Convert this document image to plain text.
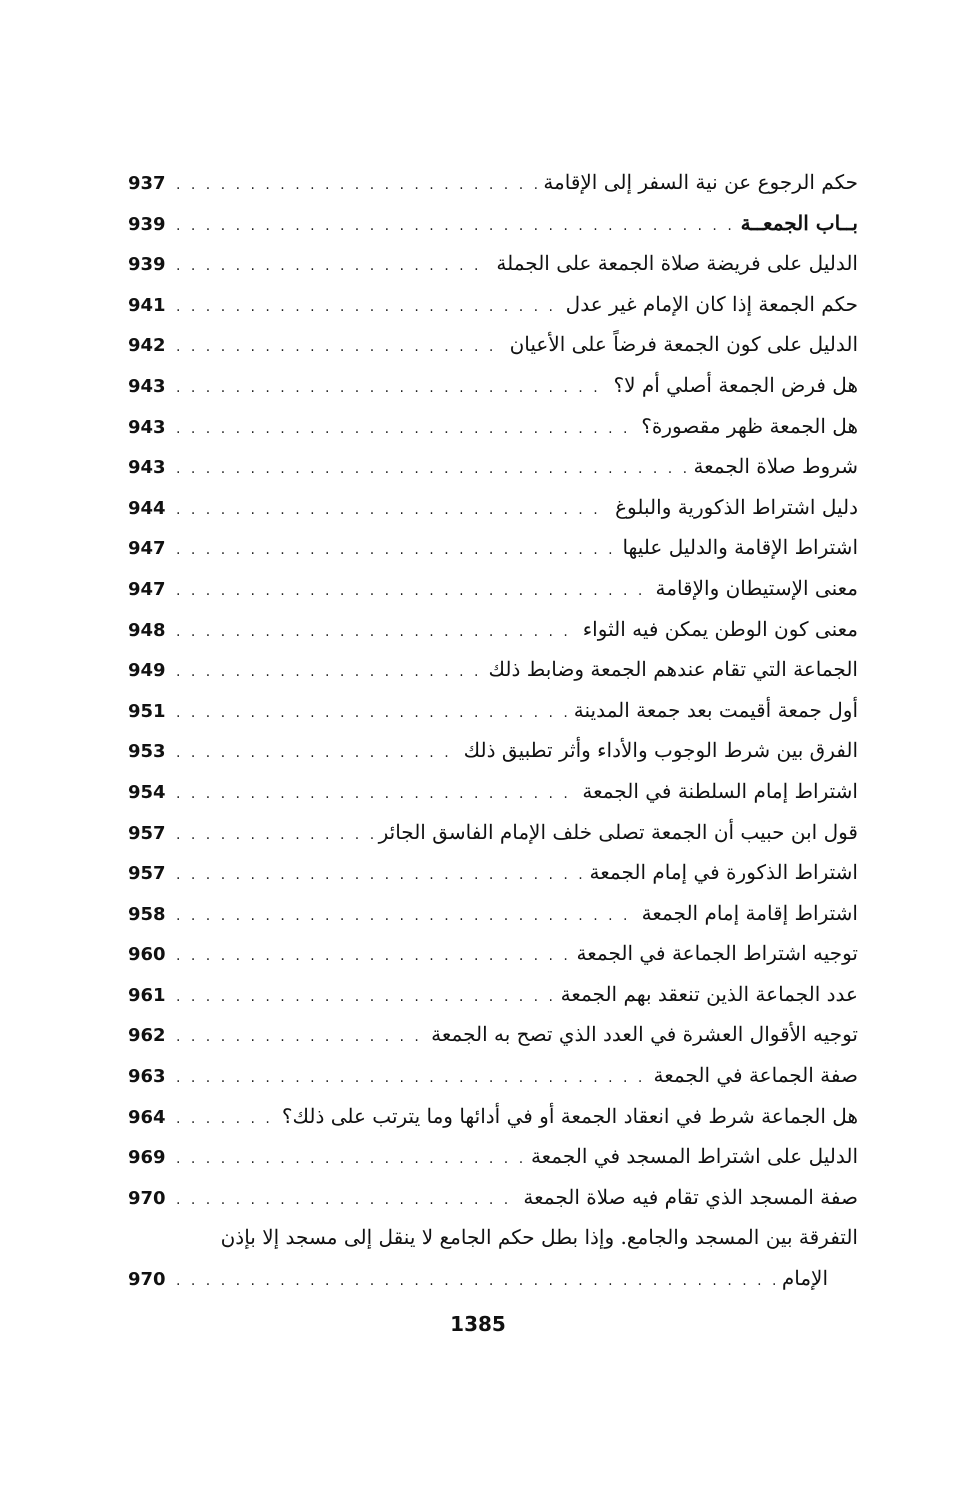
حكم الرجوع عن نية السفر إلى الإقامة
. . .
937
بــاب الجمعــة
. . .
939
الدليل على فريضة صلاة الجمعة على الجملة
. . .
939
حكم الجمعة إذا كان الإمام غير عدل
. . .
941
الدليل على كون الجمعة فرضاً على الأعيان
. . .
942
هل فرض الجمعة أصلي أم لا؟
. . .
943
هل الجمعة ظهر مقصورة؟
. . .
943
شروط صلاة الجمعة
. . .
943
دليل اشتراط الذكورية والبلوغ
. . .
944
اشتراط الإقامة والدليل عليها
. . .
947
معنى الإستيطان والإقامة
. . .
947
معنى كون الوطن يمكن فيه الثواء
. . .
948
الجماعة التي تقام عندهم الجمعة وضابط ذلك
. . .
949
أول جمعة أقيمت بعد جمعة المدينة
. . .
951
الفرق بين شرط الوجوب والأداء وأثر تطبيق ذلك
. . .
953
اشتراط إمام السلطنة في الجمعة
. . .
954
قول ابن حبيب أن الجمعة تصلى خلف الإمام الفاسق الجائر
. . .
957
اشتراط الذكورة في إمام الجمعة
. . .
957
اشتراط إقامة إمام الجمعة
. . .
958
توجيه اشتراط الجماعة في الجمعة
. . .
960
عدد الجماعة الذين تنعقد بهم الجمعة
. . .
961
توجيه الأقوال العشرة في العدد الذي تصح به الجمعة
. . .
962
صفة الجماعة في الجمعة
. . .
963
هل الجماعة شرط في انعقاد الجمعة أو في أدائها وما يترتب على ذلك؟
. . .
964
الدليل على اشتراط المسجد في الجمعة
. . .
969
صفة المسجد الذي تقام فيه صلاة الجمعة
. . .
970
التفرقة بين المسجد والجامع. وإذا بطل حكم الجامع لا ينقل إلى مسجد إلا بإذن
الإمام
. . .
970
1385
